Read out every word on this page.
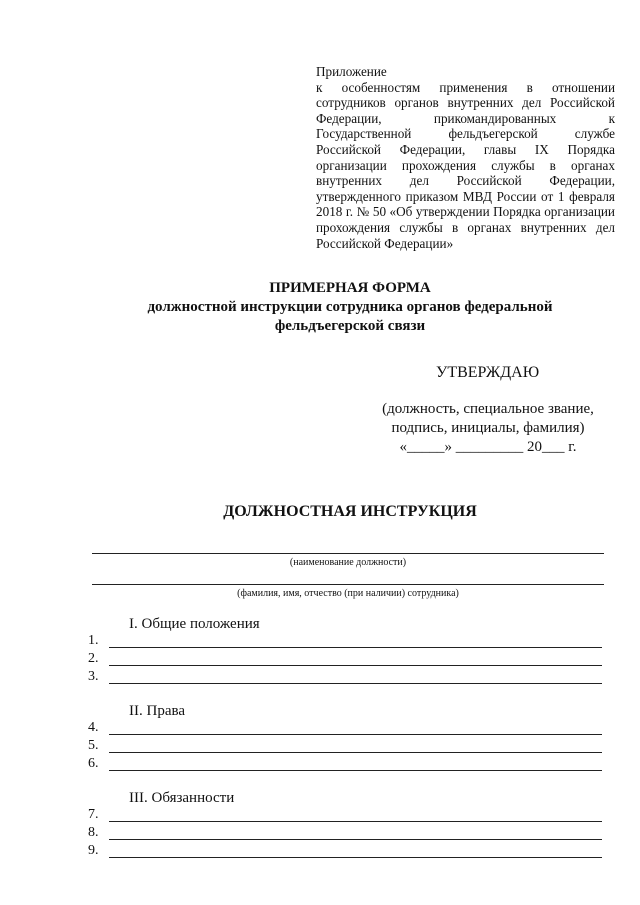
Приложение
к особенностям применения в отношении сотрудников органов внутренних дел Российской Федерации, прикомандированных к Государственной фельдъегерской службе Российской Федерации, главы IX Порядка организации прохождения службы в органах внутренних дел Российской Федерации, утвержденного приказом МВД России от 1 февраля 2018 г. № 50 «Об утверждении Порядка организации прохождения службы в органах внутренних дел Российской Федерации»
ПРИМЕРНАЯ ФОРМА
должностной инструкции сотрудника органов федеральной
фельдъегерской связи
УТВЕРЖДАЮ
(должность, специальное звание,
подпись, инициалы, фамилия)
«_____» _________ 20___ г.
ДОЛЖНОСТНАЯ ИНСТРУКЦИЯ
(наименование должности)
(фамилия, имя, отчество (при наличии) сотрудника)
I. Общие положения
1.
2.
3.
II. Права
4.
5.
6.
III. Обязанности
7.
8.
9.
